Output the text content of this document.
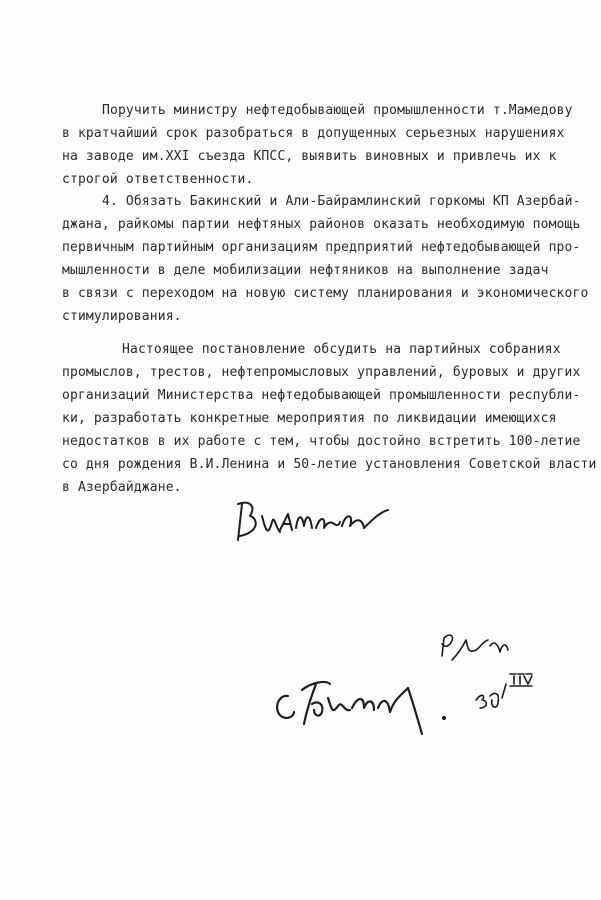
Поручить министру нефтедобывающей промышленности т.Мамедову
в кратчайший срок разобраться в допущенных серьезных нарушениях
на заводе им.XXI съезда КПСС, выявить виновных и привлечь их к
строгой ответственности.
4. Обязать Бакинский и Али-Байрамлинский горкомы КП Азербай-
джана, райкомы партии нефтяных районов оказать необходимую помощь
первичным партийным организациям предприятий нефтедобывающей про-
мышленности в деле мобилизации нефтяников на выполнение задач
в связи с переходом на новую систему планирования и экономического
стимулирования.
Настоящее постановление обсудить на партийных собраниях
промыслов, трестов, нефтепромысловых управлений, буровых и других
организаций Министерства нефтедобывающей промышленности республи-
ки, разработать конкретные мероприятия по ликвидации имеющихся
недостатков в их работе с тем, чтобы достойно встретить 100-летие
со дня рождения В.И.Ленина и 50-летие установления Советской власти
в Азербайджане.
